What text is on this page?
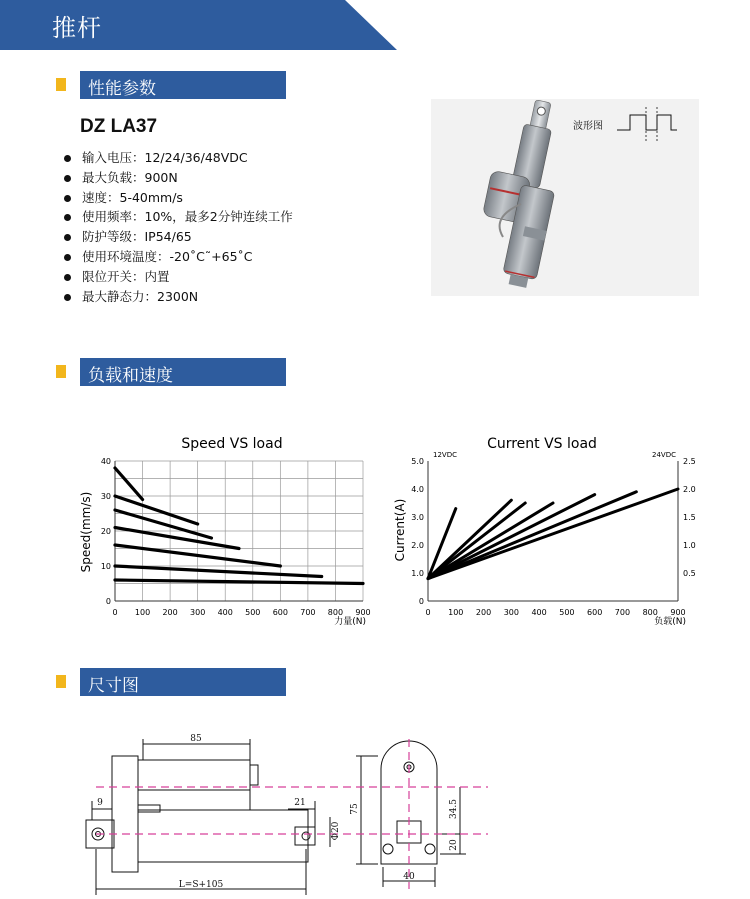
推杆
性能参数
DZ LA37
输入电压：12/24/36/48VDC
最大负载：900N
速度：5-40mm/s
使用频率：10%，最多2分钟连续工作
防护等级：IP54/65
使用环境温度：-20˚C˜+65˚C
限位开关：内置
最大静态力：2300N
波形图
负载和速度
Speed VS load
Speed(mm/s)
力量(N)
0 100 200 300 400 500 600 700 800 900
0
10
20
30
40
Current VS load
Current(A)
负载(N)
12VDC	24VDC
0 100 200 300 400 500 600 700 800 900
0
1.0
2.0
3.0
4.0
5.0
0.5
1.0
1.5
2.0
2.5
尺寸图
85
9	21
Φ20
L=S+105
75	34.5
20
40
